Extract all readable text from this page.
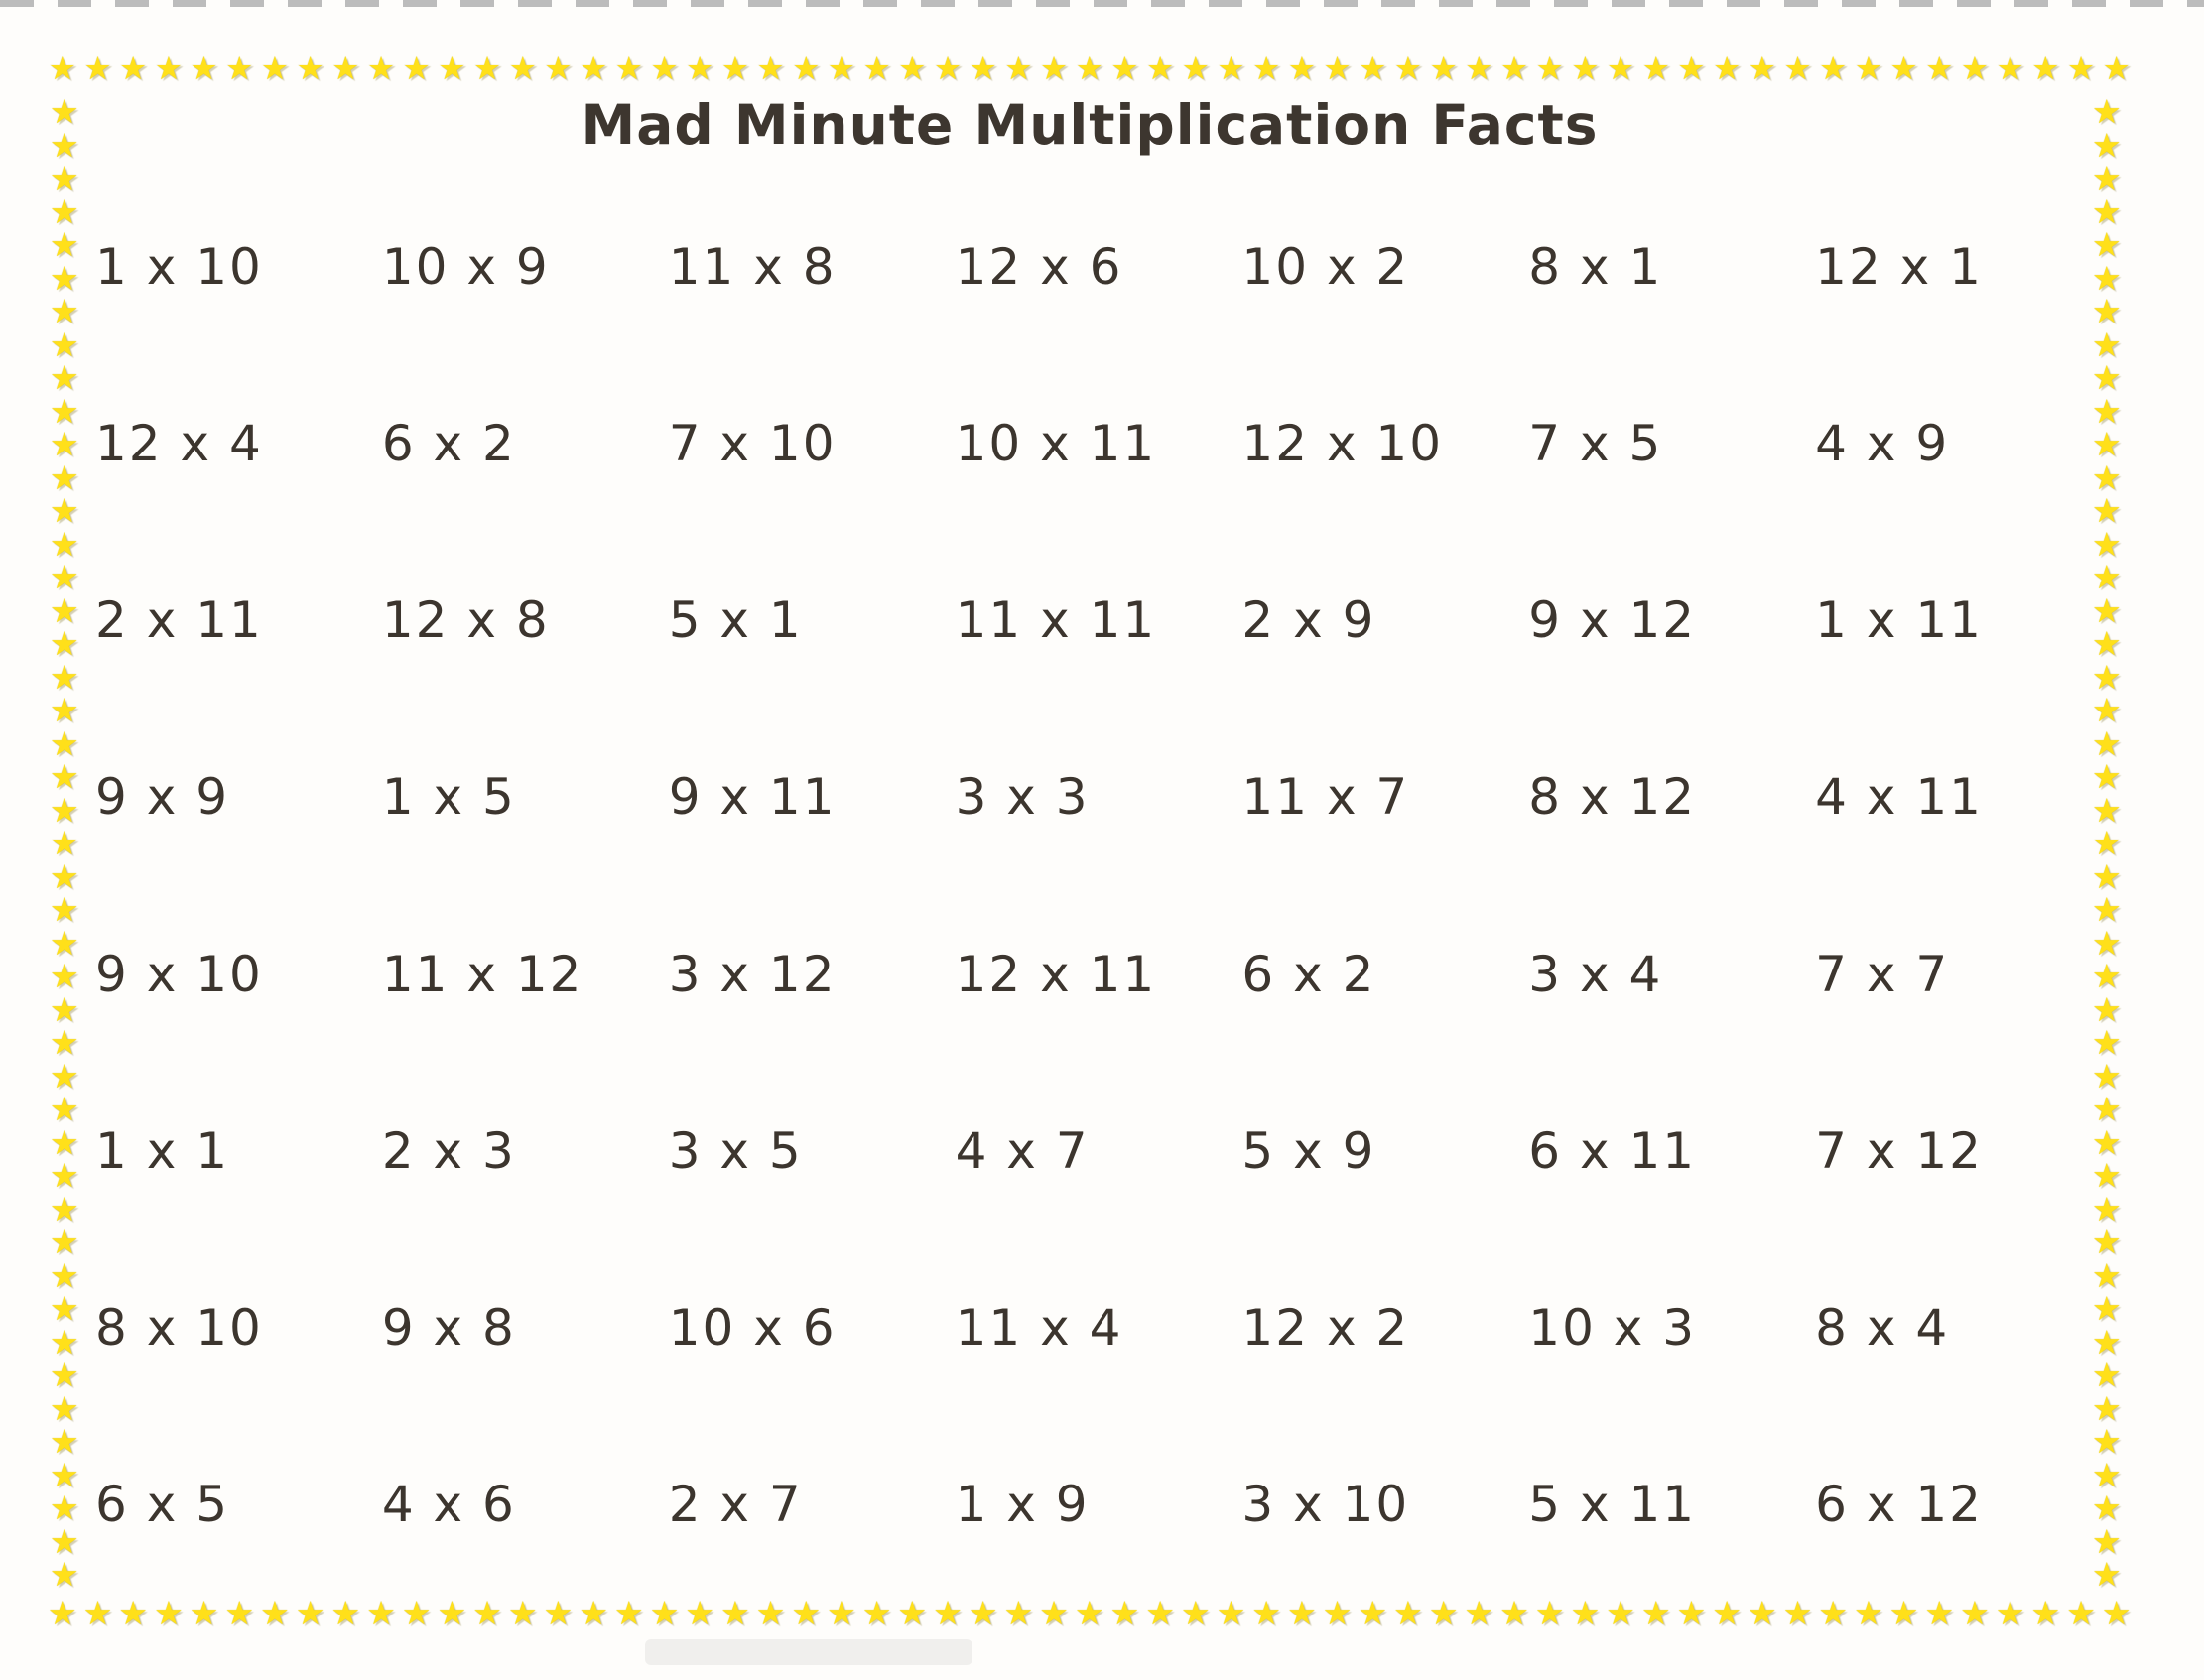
★ ★ ★ ★ ★ ★ ★ ★ ★ ★ ★ ★ ★ ★ ★ ★ ★ ★ ★ ★ ★ ★ ★ ★ ★ ★ ★ ★ ★ ★ ★ ★ ★ ★ ★ ★ ★ ★ ★ ★ ★ ★ ★ ★ ★ ★ ★ ★ ★ ★ ★ ★ ★ ★ ★ ★ ★ ★ ★
★ ★ ★ ★ ★ ★ ★ ★ ★ ★ ★ ★ ★ ★ ★ ★ ★ ★ ★ ★ ★ ★ ★ ★ ★ ★ ★ ★ ★ ★ ★ ★ ★ ★ ★ ★ ★ ★ ★ ★ ★ ★ ★ ★ ★ ★ ★ ★ ★ ★ ★ ★ ★ ★ ★ ★ ★ ★ ★
★
★
★
★
★
★
★
★
★
★
★
★
★
★
★
★
★
★
★
★
★
★
★
★
★
★
★
★
★
★
★
★
★
★
★
★
★
★
★
★
★
★
★
★
★
★
★
★
★
★
★
★
★
★
★
★
★
★
★
★
★
★
★
★
★
★
★
★
★
★
★
★
★
★
★
★
★
★
★
★
★
★
★
★
★
★
★
★
★
★
Mad Minute Multiplication Facts
1 x 10	10 x 9	11 x 8	12 x 6	10 x 2	8 x 1	12 x 1
12 x 4	6 x 2	7 x 10	10 x 11	12 x 10	7 x 5	4 x 9
2 x 11	12 x 8	5 x 1	11 x 11	2 x 9	9 x 12	1 x 11
9 x 9	1 x 5	9 x 11	3 x 3	11 x 7	8 x 12	4 x 11
9 x 10	11 x 12	3 x 12	12 x 11	6 x 2	3 x 4	7 x 7
1 x 1	2 x 3	3 x 5	4 x 7	5 x 9	6 x 11	7 x 12
8 x 10	9 x 8	10 x 6	11 x 4	12 x 2	10 x 3	8 x 4
6 x 5	4 x 6	2 x 7	1 x 9	3 x 10	5 x 11	6 x 12
